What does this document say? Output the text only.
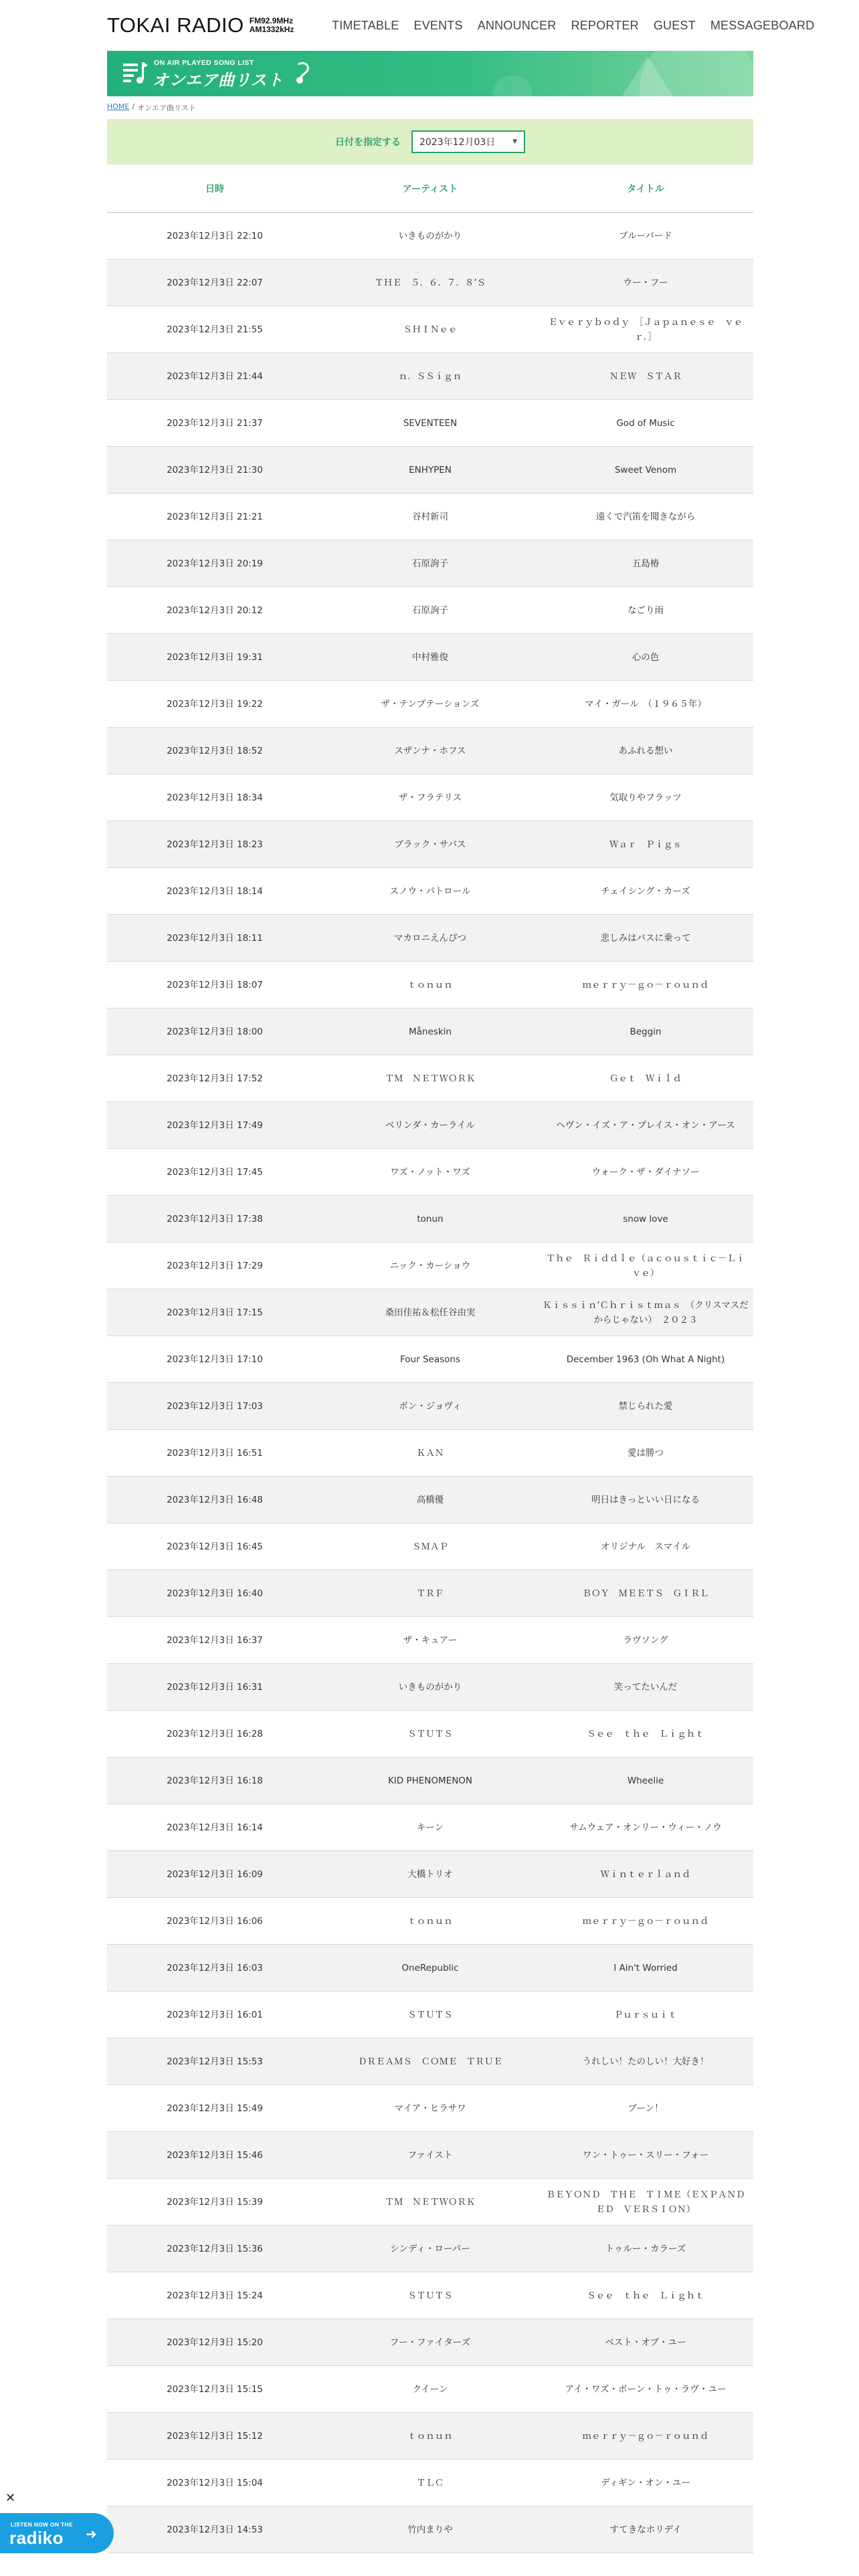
TOKAI RADIO FM92.9MHz
AM1332kHz	TIMETABLE EVENTS ANNOUNCER REPORTER GUEST MESSAGEBOARD
ON AIR PLAYED SONG LIST
オンエア曲リスト
HOME / オンエア曲リスト
日付を指定する 2023年12月03日	▼
日時	アーティスト	タイトル
2023年12月3日 22:10	いきものがかり	ブルーバード
2023年12月3日 22:07	ＴＨＥ　５．６．７．８’Ｓ	ウー・フー
2023年12月3日 21:55	ＳＨＩＮｅｅ
Ｅｖｅｒｙｂｏｄｙ　［Ｊａｐａｎｅｓｅ　ｖｅｒ．］
2023年12月3日 21:44	ｎ．ＳＳｉｇｎ	ＮＥＷ　ＳＴＡＲ
2023年12月3日 21:37	SEVENTEEN	God of Music
2023年12月3日 21:30	ENHYPEN	Sweet Venom
2023年12月3日 21:21	谷村新司	遠くで汽笛を聞きながら
2023年12月3日 20:19	石原詢子	五島椿
2023年12月3日 20:12	石原詢子	なごり雨
2023年12月3日 19:31	中村雅俊	心の色
2023年12月3日 19:22	ザ・テンプテーションズ	マイ・ガール　（１９６５年）
2023年12月3日 18:52	スザンナ・ホフス	あふれる想い
2023年12月3日 18:34	ザ・フラテリス	気取りやフラッツ
2023年12月3日 18:23	ブラック・サバス	Ｗａｒ　Ｐｉｇｓ
2023年12月3日 18:14	スノウ・パトロール	チェイシング・カーズ
2023年12月3日 18:11	マカロニえんぴつ	悲しみはバスに乗って
2023年12月3日 18:07	ｔｏｎｕｎ	ｍｅｒｒｙ－ｇｏ－ｒｏｕｎｄ
2023年12月3日 18:00	Måneskin	Beggin
2023年12月3日 17:52	ＴＭ　ＮＥＴＷＯＲＫ	Ｇｅｔ　Ｗｉｌｄ
2023年12月3日 17:49	ベリンダ・カーライル	ヘヴン・イズ・ア・プレイス・オン・アース
2023年12月3日 17:45	ワズ・ノット・ワズ	ウォーク・ザ・ダイナソー
2023年12月3日 17:38	tonun	snow love
2023年12月3日 17:29	ニック・カーショウ
Ｔｈｅ　Ｒｉｄｄｌｅ（ａｃｏｕｓｔｉｃ－Ｌｉｖｅ）
2023年12月3日 17:15	桑田佳祐＆松任谷由実
Ｋｉｓｓｉｎ’Ｃｈｒｉｓｔｍａｓ　（クリスマスだからじゃない）　２０２３
2023年12月3日 17:10	Four Seasons	December 1963 (Oh What A Night)
2023年12月3日 17:03	ボン・ジョヴィ	禁じられた愛
2023年12月3日 16:51	ＫＡＮ	愛は勝つ
2023年12月3日 16:48	高橋優	明日はきっといい日になる
2023年12月3日 16:45	ＳＭＡＰ	オリジナル　スマイル
2023年12月3日 16:40	ＴＲＦ	ＢＯＹ　ＭＥＥＴＳ　ＧＩＲＬ
2023年12月3日 16:37	ザ・キュアー	ラヴソング
2023年12月3日 16:31	いきものがかり	笑ってたいんだ
2023年12月3日 16:28	ＳＴＵＴＳ	Ｓｅｅ　ｔｈｅ　Ｌｉｇｈｔ
2023年12月3日 16:18	KID PHENOMENON	Wheelie
2023年12月3日 16:14	キーン	サムウェア・オンリー・ウィー・ノウ
2023年12月3日 16:09	大橋トリオ	Ｗｉｎｔｅｒｌａｎｄ
2023年12月3日 16:06	ｔｏｎｕｎ	ｍｅｒｒｙ－ｇｏ－ｒｏｕｎｄ
2023年12月3日 16:03	OneRepublic	I Ain't Worried
2023年12月3日 16:01	ＳＴＵＴＳ	Ｐｕｒｓｕｉｔ
2023年12月3日 15:53	ＤＲＥＡＭＳ　ＣＯＭＥ　ＴＲＵＥ	うれしい！たのしい！大好き！
2023年12月3日 15:49	マイア・ヒラサワ	ブーン！
2023年12月3日 15:46	ファイスト	ワン・トゥー・スリー・フォー
2023年12月3日 15:39	ＴＭ　ＮＥＴＷＯＲＫ
ＢＥＹＯＮＤ　ＴＨＥ　ＴＩＭＥ（ＥＸＰＡＮＤＥＤ　ＶＥＲＳＩＯＮ）
2023年12月3日 15:36	シンディ・ローパー	トゥルー・カラーズ
2023年12月3日 15:24	ＳＴＵＴＳ	Ｓｅｅ　ｔｈｅ　Ｌｉｇｈｔ
2023年12月3日 15:20	フー・ファイターズ	ベスト・オブ・ユー
2023年12月3日 15:15	クイーン	アイ・ワズ・ボーン・トゥ・ラヴ・ユー
2023年12月3日 15:12	ｔｏｎｕｎ	ｍｅｒｒｙ－ｇｏ－ｒｏｕｎｄ
2023年12月3日 15:04	ＴＬＣ	ディギン・オン・ユー
2023年12月3日 14:53	竹内まりや	すてきなホリデイ
✕
LISTEN NOW ON THE
radiko ➜
